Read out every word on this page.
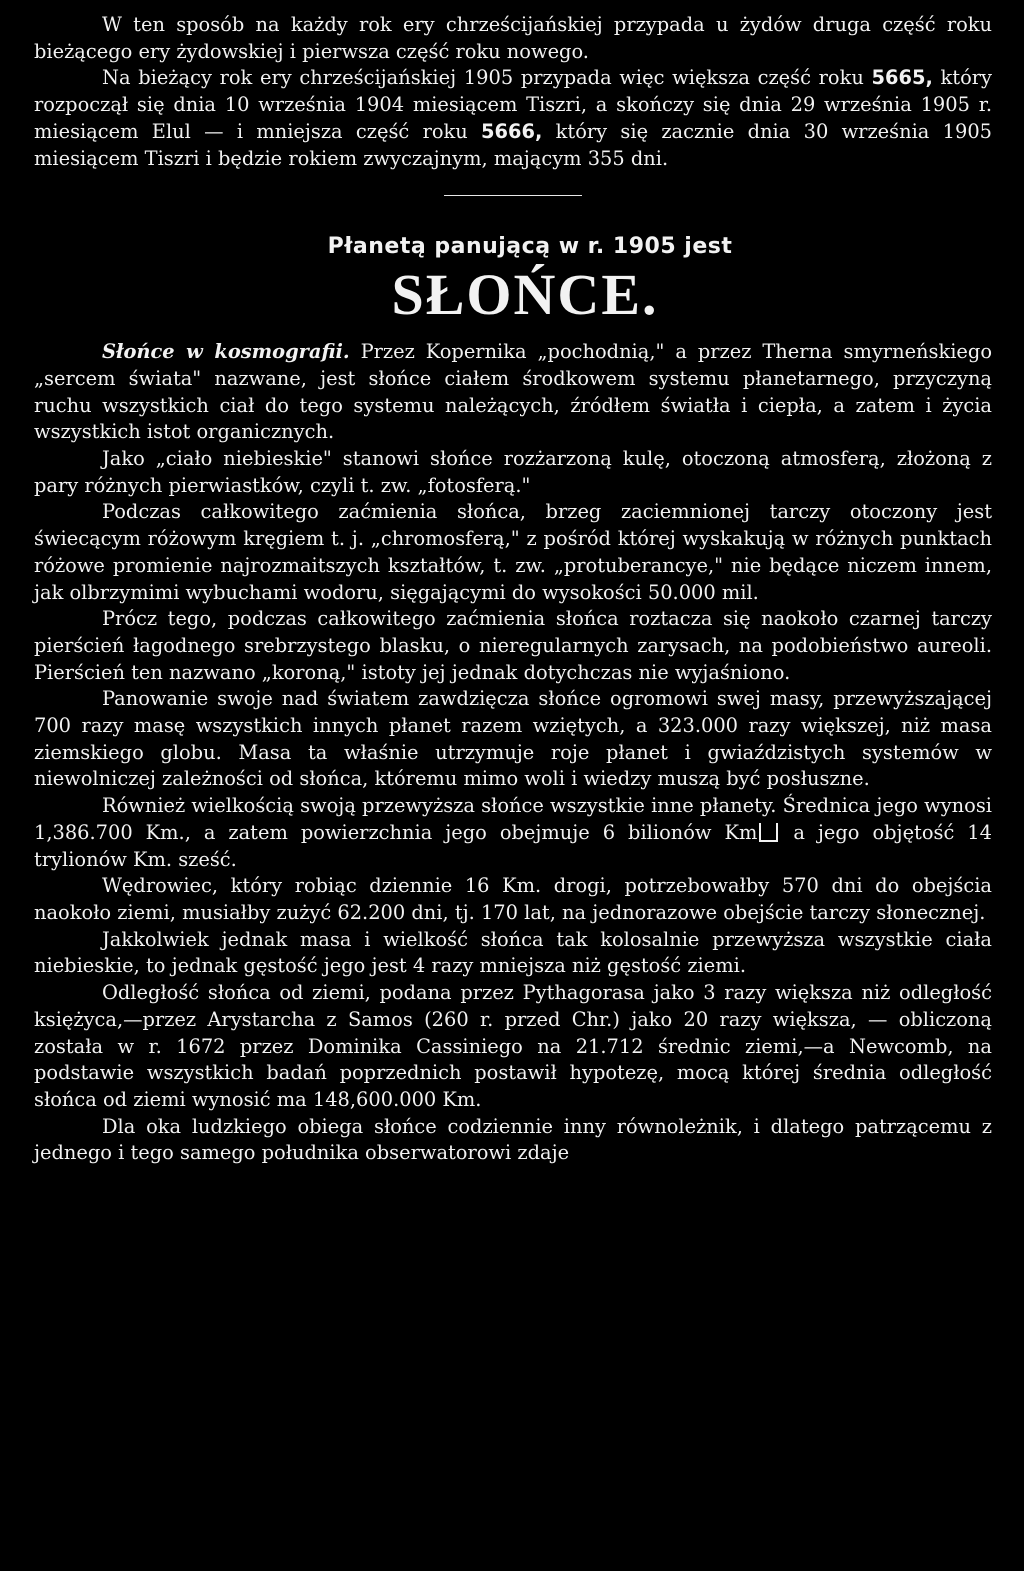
W ten sposób na każdy rok ery chrześcijańskiej przypada u żydów druga część roku bieżącego ery żydowskiej i pierwsza część roku nowego.

Na bieżący rok ery chrześcijańskiej 1905 przypada więc większa część roku 5665, który rozpoczął się dnia 10 września 1904 miesiącem Tiszri, a skończy się dnia 29 września 1905 r. miesiącem Elul — i mniejsza część roku 5666, który się zacznie dnia 30 września 1905 miesiącem Tiszri i będzie rokiem zwyczajnym, mającym 355 dni.

Płanetą panującą w r. 1905 jest
SŁOŃCE.

Słońce w kosmografii. Przez Kopernika „pochodnią," a przez Therna smyrneńskiego „sercem świata" nazwane, jest słońce ciałem środkowem systemu płanetarnego, przyczyną ruchu wszystkich ciał do tego systemu należących, źródłem światła i ciepła, a zatem i życia wszystkich istot organicznych.

Jako „ciało niebieskie" stanowi słońce rozżarzoną kulę, otoczoną atmosferą, złożoną z pary różnych pierwiastków, czyli t. zw. „fotosferą."

Podczas całkowitego zaćmienia słońca, brzeg zaciemnionej tarczy otoczony jest świecącym różowym kręgiem t. j. „chromosferą," z pośród której wyskakują w różnych punktach różowe promienie najrozmaitszych kształtów, t. zw. „protuberancye," nie będące niczem innem, jak olbrzymimi wybuchami wodoru, sięgającymi do wysokości 50.000 mil.

Prócz tego, podczas całkowitego zaćmienia słońca roztacza się naokoło czarnej tarczy pierścień łagodnego srebrzystego blasku, o nieregularnych zarysach, na podobieństwo aureoli. Pierścień ten nazwano „koroną," istoty jej jednak dotychczas nie wyjaśniono.

Panowanie swoje nad światem zawdzięcza słońce ogromowi swej masy, przewyższającej 700 razy masę wszystkich innych płanet razem wziętych, a 323.000 razy większej, niż masa ziemskiego globu. Masa ta właśnie utrzymuje roje płanet i gwiaździstych systemów w niewolniczej zależności od słońca, któremu mimo woli i wiedzy muszą być posłuszne.

Również wielkością swoją przewyższa słońce wszystkie inne płanety. Średnica jego wynosi 1,386.700 Km., a zatem powierzchnia jego obejmuje 6 bilionów Km a jego objętość 14 trylionów Km. sześć.

Wędrowiec, który robiąc dziennie 16 Km. drogi, potrzebowałby 570 dni do obejścia naokoło ziemi, musiałby zużyć 62.200 dni, tj. 170 lat, na jednorazowe obejście tarczy słonecznej.

Jakkolwiek jednak masa i wielkość słońca tak kolosalnie przewyższa wszystkie ciała niebieskie, to jednak gęstość jego jest 4 razy mniejsza niż gęstość ziemi.

Odległość słońca od ziemi, podana przez Pythagorasa jako 3 razy większa niż odległość księżyca,—przez Arystarcha z Samos (260 r. przed Chr.) jako 20 razy większa, — obliczoną została w r. 1672 przez Dominika Cassiniego na 21.712 średnic ziemi,—a Newcomb, na podstawie wszystkich badań poprzednich postawił hypotezę, mocą której średnia odległość słońca od ziemi wynosić ma 148,600.000 Km.

Dla oka ludzkiego obiega słońce codziennie inny równoleżnik, i dlatego patrzącemu z jednego i tego samego południka obserwatorowi zdaje
